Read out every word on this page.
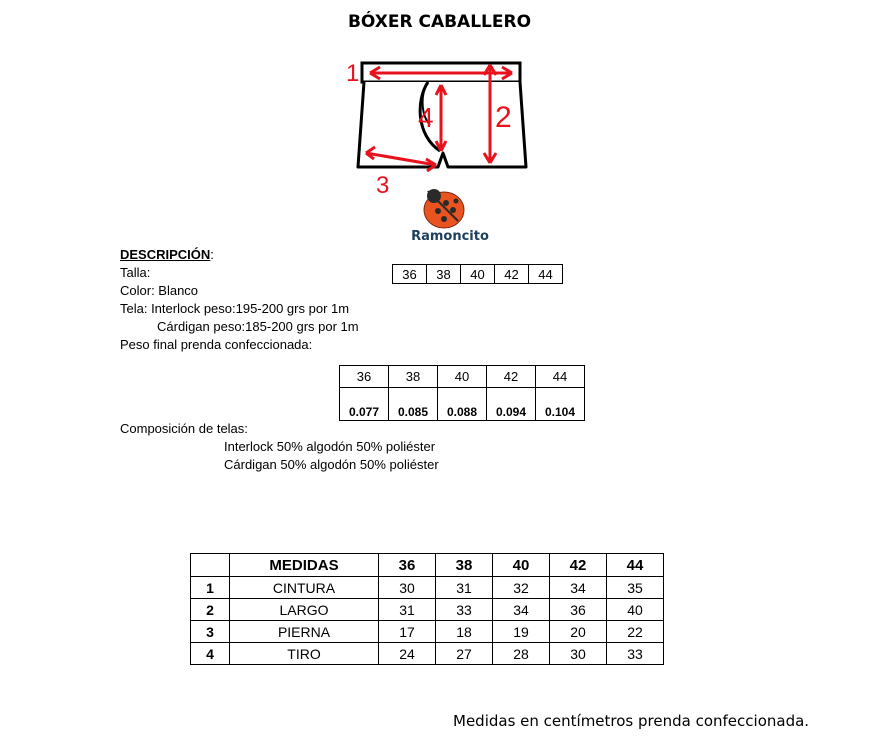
BÓXER CABALLERO
1
2
4
3
Ramoncito
DESCRIPCIÓN:
Talla:
Color: Blanco
Tela: Interlock peso:195-200 grs por 1m
Cárdigan peso:185-200 grs por 1m
Peso final prenda confeccionada:
36	38	40	42	44
36	38	40	42	44
0.077	0.085	0.088	0.094	0.104
Composición de telas:
Interlock 50% algodón 50% poliéster
Cárdigan 50% algodón 50% poliéster
	MEDIDAS	36	38	40	42	44
1	CINTURA	30	31	32	34	35
2	LARGO	31	33	34	36	40
3	PIERNA	17	18	19	20	22
4	TIRO	24	27	28	30	33
Medidas en centímetros prenda confeccionada.
